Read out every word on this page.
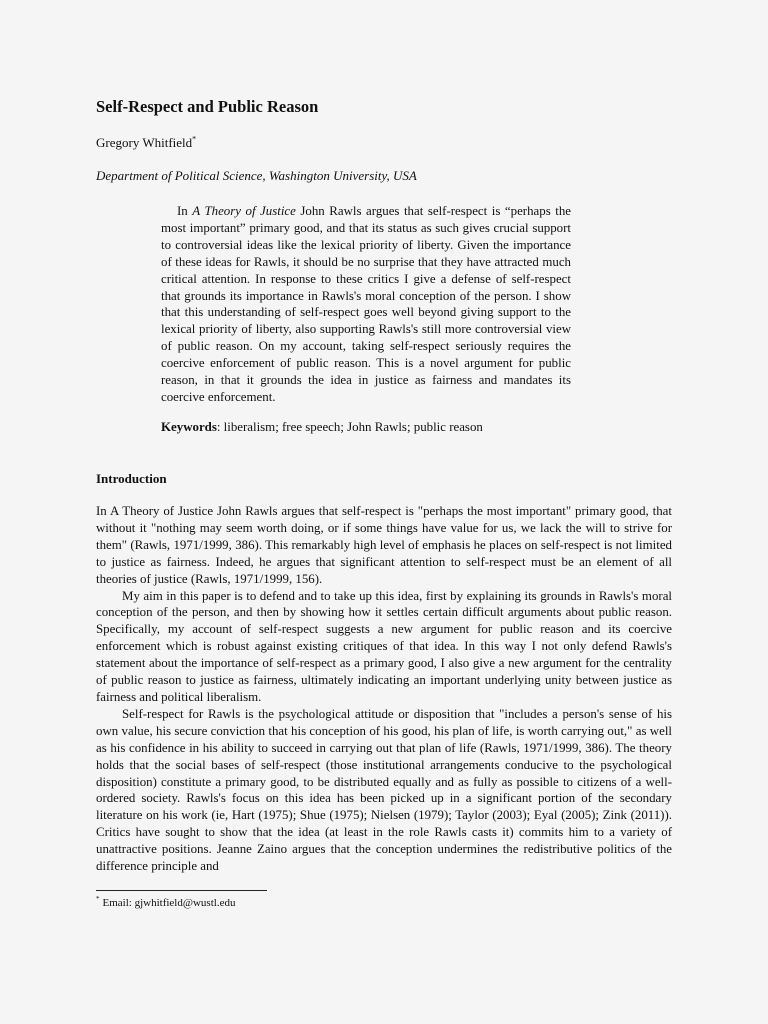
Self-Respect and Public Reason
Gregory Whitfield*
Department of Political Science, Washington University, USA
In A Theory of Justice John Rawls argues that self-respect is “perhaps the most important” primary good, and that its status as such gives crucial support to controversial ideas like the lexical priority of liberty. Given the importance of these ideas for Rawls, it should be no surprise that they have attracted much critical attention. In response to these critics I give a defense of self-respect that grounds its importance in Rawls's moral conception of the person. I show that this understanding of self-respect goes well beyond giving support to the lexical priority of liberty, also supporting Rawls's still more controversial view of public reason. On my account, taking self-respect seriously requires the coercive enforcement of public reason. This is a novel argument for public reason, in that it grounds the idea in justice as fairness and mandates its coercive enforcement.
Keywords: liberalism; free speech; John Rawls; public reason
Introduction

In A Theory of Justice John Rawls argues that self-respect is "perhaps the most important" primary good, that without it "nothing may seem worth doing, or if some things have value for us, we lack the will to strive for them" (Rawls, 1971/1999, 386). This remarkably high level of emphasis he places on self-respect is not limited to justice as fairness. Indeed, he argues that significant attention to self-respect must be an element of all theories of justice (Rawls, 1971/1999, 156).

My aim in this paper is to defend and to take up this idea, first by explaining its grounds in Rawls's moral conception of the person, and then by showing how it settles certain difficult arguments about public reason. Specifically, my account of self-respect suggests a new argument for public reason and its coercive enforcement which is robust against existing critiques of that idea. In this way I not only defend Rawls's statement about the importance of self-respect as a primary good, I also give a new argument for the centrality of public reason to justice as fairness, ultimately indicating an important underlying unity between justice as fairness and political liberalism.

Self-respect for Rawls is the psychological attitude or disposition that "includes a person's sense of his own value, his secure conviction that his conception of his good, his plan of life, is worth carrying out," as well as his confidence in his ability to succeed in carrying out that plan of life (Rawls, 1971/1999, 386). The theory holds that the social bases of self-respect (those institutional arrangements conducive to the psychological disposition) constitute a primary good, to be distributed equally and as fully as possible to citizens of a well-ordered society. Rawls's focus on this idea has been picked up in a significant portion of the secondary literature on his work (ie, Hart (1975); Shue (1975); Nielsen (1979); Taylor (2003); Eyal (2005); Zink (2011)). Critics have sought to show that the idea (at least in the role Rawls casts it) commits him to a variety of unattractive positions. Jeanne Zaino argues that the conception undermines the redistributive politics of the difference principle and

* Email: gjwhitfield@wustl.edu
